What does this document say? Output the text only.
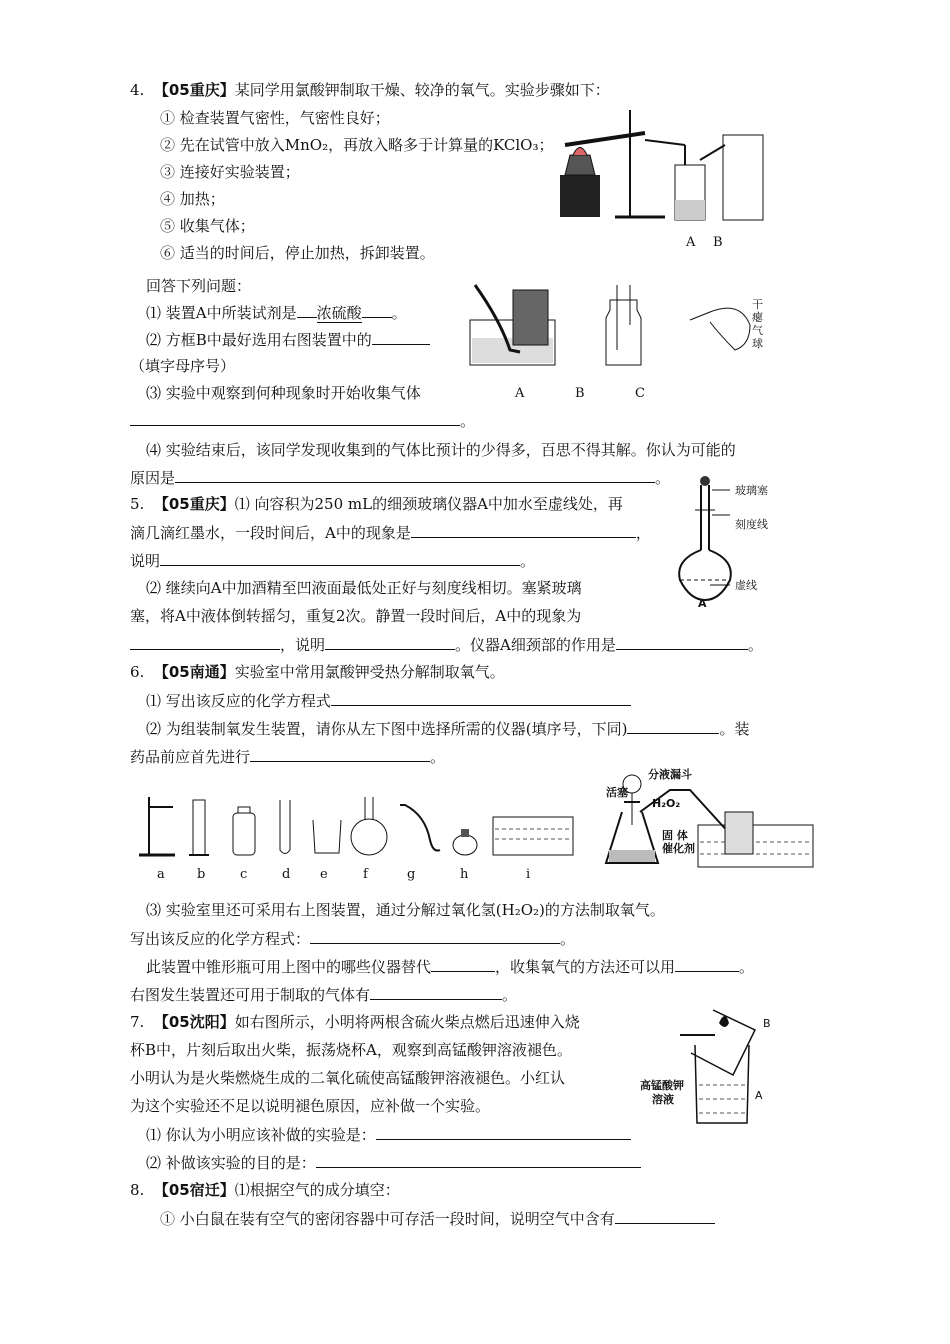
4. 【05重庆】某同学用氯酸钾制取干燥、较净的氧气。实验步骤如下：
① 检查装置气密性，气密性良好；
② 先在试管中放入MnO₂，再放入略多于计算量的KClO₃；
③ 连接好实验装置；
④ 加热；
⑤ 收集气体；
⑥ 适当的时间后，停止加热，拆卸装置。
A B
回答下列问题：
⑴ 装置A中所装试剂是 浓硫酸 。
⑵ 方框B中最好选用右图装置中的
（填字母序号）
⑶ 实验中观察到何种现象时开始收集气体
。
A	B	C
干瘪气球
⑷ 实验结束后，该同学发现收集到的气体比预计的少得多，百思不得其解。你认为可能的
原因是	。
5. 【05重庆】⑴ 向容积为250 mL的细颈玻璃仪器A中加水至虚线处，再
滴几滴红墨水，一段时间后，A中的现象是	，
说明	。
⑵ 继续向A中加酒精至凹液面最低处正好与刻度线相切。塞紧玻璃
塞，将A中液体倒转摇匀，重复2次。静置一段时间后，A中的现象为
，说明	。仪器A细颈部的作用是	。
玻璃塞
刻度线
虚线
A
6. 【05南通】实验室中常用氯酸钾受热分解制取氧气。
⑴ 写出该反应的化学方程式
⑵ 为组装制氧发生装置，请你从左下图中选择所需的仪器(填序号，下同)	。装
药品前应首先进行	。
a b	c	d e	f	g	h	i
分液漏斗
活塞
H₂O₂
固 体
催化剂
⑶ 实验室里还可采用右上图装置，通过分解过氧化氢(H₂O₂)的方法制取氧气。
写出该反应的化学方程式：	。
此装置中锥形瓶可用上图中的哪些仪器替代	，收集氧气的方法还可以用	。
右图发生装置还可用于制取的气体有	。
7. 【05沈阳】如右图所示，小明将两根含硫火柴点燃后迅速伸入烧
杯B中，片刻后取出火柴，振荡烧杯A，观察到高锰酸钾溶液褪色。
小明认为是火柴燃烧生成的二氧化硫使高锰酸钾溶液褪色。小红认
为这个实验还不足以说明褪色原因，应补做一个实验。
⑴ 你认为小明应该补做的实验是：
⑵ 补做该实验的目的是：
B
A
高锰酸钾
溶液
8. 【05宿迁】⑴根据空气的成分填空：
① 小白鼠在装有空气的密闭容器中可存活一段时间，说明空气中含有
